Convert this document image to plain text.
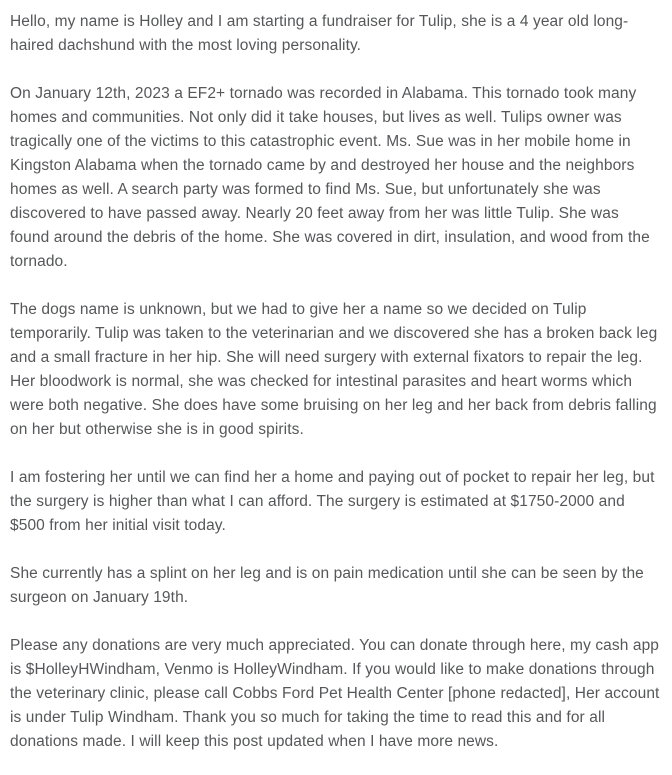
Hello, my name is Holley and I am starting a fundraiser for Tulip, she is a 4 year old long-haired dachshund with the most loving personality.

On January 12th, 2023 a EF2+ tornado was recorded in Alabama. This tornado took many homes and communities. Not only did it take houses, but lives as well. Tulips owner was tragically one of the victims to this catastrophic event. Ms. Sue was in her mobile home in Kingston Alabama when the tornado came by and destroyed her house and the neighbors homes as well. A search party was formed to find Ms. Sue, but unfortunately she was discovered to have passed away. Nearly 20 feet away from her was little Tulip. She was found around the debris of the home. She was covered in dirt, insulation, and wood from the tornado.

The dogs name is unknown, but we had to give her a name so we decided on Tulip temporarily. Tulip was taken to the veterinarian and we discovered she has a broken back leg and a small fracture in her hip. She will need surgery with external fixators to repair the leg. Her bloodwork is normal, she was checked for intestinal parasites and heart worms which were both negative. She does have some bruising on her leg and her back from debris falling on her but otherwise she is in good spirits.

I am fostering her until we can find her a home and paying out of pocket to repair her leg, but the surgery is higher than what I can afford. The surgery is estimated at $1750-2000 and $500 from her initial visit today.

She currently has a splint on her leg and is on pain medication until she can be seen by the surgeon on January 19th.

Please any donations are very much appreciated. You can donate through here, my cash app is $HolleyHWindham, Venmo is HolleyWindham. If you would like to make donations through the veterinary clinic, please call Cobbs Ford Pet Health Center [phone redacted], Her account is under Tulip Windham. Thank you so much for taking the time to read this and for all donations made. I will keep this post updated when I have more news.
